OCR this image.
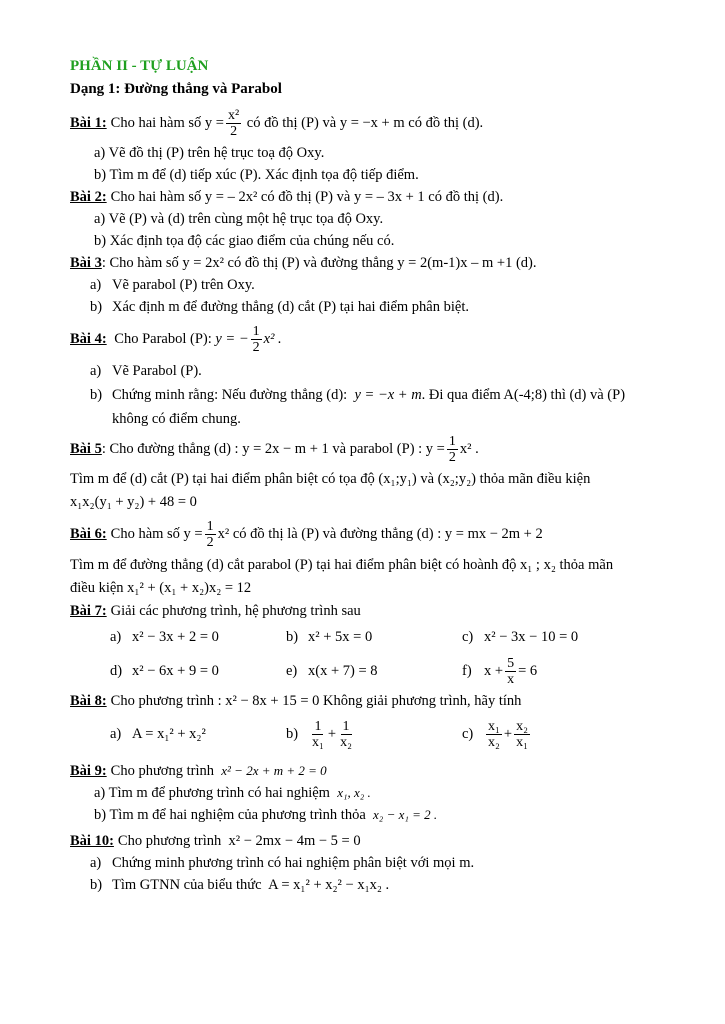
PHẦN II - TỰ LUẬN
Dạng 1: Đường thẳng và Parabol
Bài 1: Cho hai hàm số
$y = \frac{\text{x²}}{2}$
có đồ thị (P) và
y = −x + m
có đồ thị (d).
a) Vẽ đồ thị (P) trên hệ trục toạ độ Oxy.
b) Tìm m để (d) tiếp xúc (P). Xác định tọa độ tiếp điểm.
Bài 2: Cho hai hàm số y = – 2x² có đồ thị (P) và y = – 3x + 1 có đồ thị (d).
a) Vẽ (P) và (d) trên cùng một hệ trục tọa độ Oxy.
b) Xác định tọa độ các giao điểm của chúng nếu có.
Bài 3 : Cho hàm số y = 2x² có đồ thị (P) và đường thẳng y = 2(m-1)x – m +1 (d).
a) Vẽ parabol (P) trên Oxy.
b) Xác định m để đường thẳng (d) cắt (P) tại hai điểm phân biệt.
Bài 4:
Cho Parabol (P):
y = − $\frac{1}{2} x^2$ .
a) Vẽ Parabol (P).
b) Chứng minh rằng: Nếu đường thẳng (d): y = −x + m. Đi qua điểm A(-4;8) thì (d) và (P)
không có điểm chung.
Bài 5 : Cho đường thẳng (d) : y = 2x − m + 1 và parabol (P) : $y = \frac{1}{2} x^2$ .
Tìm m để (d) cắt (P) tại hai điểm phân biệt có tọa độ (x₁;y₁) và (x₂;y₂) thỏa mãn điều kiện
x₁x₂(y₁ + y₂) + 48 = 0
Bài 6: Cho hàm số $y = \frac{1}{2} x^2$ có đồ thị là (P) và đường thẳng (d) : y = mx − 2m + 2
Tìm m để đường thẳng (d) cắt parabol (P) tại hai điểm phân biệt có hoành độ x₁ ; x₂ thỏa mãn
điều kiện x₁² + (x₁ + x₂)x₂ = 12
Bài 7: Giải các phương trình, hệ phương trình sau
a) x² − 3x + 2 = 0	b) x² + 5x = 0	c) x² − 3x − 10 = 0
d) x² − 6x + 9 = 0	e) x(x + 7) = 8	f) $x + \frac{5}{x} = 6$
Bài 8: Cho phương trình : x² − 8x + 15 = 0 Không giải phương trình, hãy tính
a) A = x₁² + x₂²	$b) \frac{1}{\text{x₁}} + \frac{1}{\text{x₂}}$	$c) \frac{\text{x₁}}{\text{x₂}} + \frac{\text{x₂}}{\text{x₁}}$
Bài 9: Cho phương trình
x² − 2x + m + 2 = 0
a) Tìm m để phương trình có hai nghiệm x₁, x₂ .
b) Tìm m để hai nghiệm của phương trình thỏa x₂ − x₁ = 2 .
Bài 10: Cho phương trình
x² − 2mx − 4m − 5 = 0
a) Chứng minh phương trình có hai nghiệm phân biệt với mọi m.
b) Tìm GTNN của biểu thức A = x₁² + x₂² − x₁x₂ .
